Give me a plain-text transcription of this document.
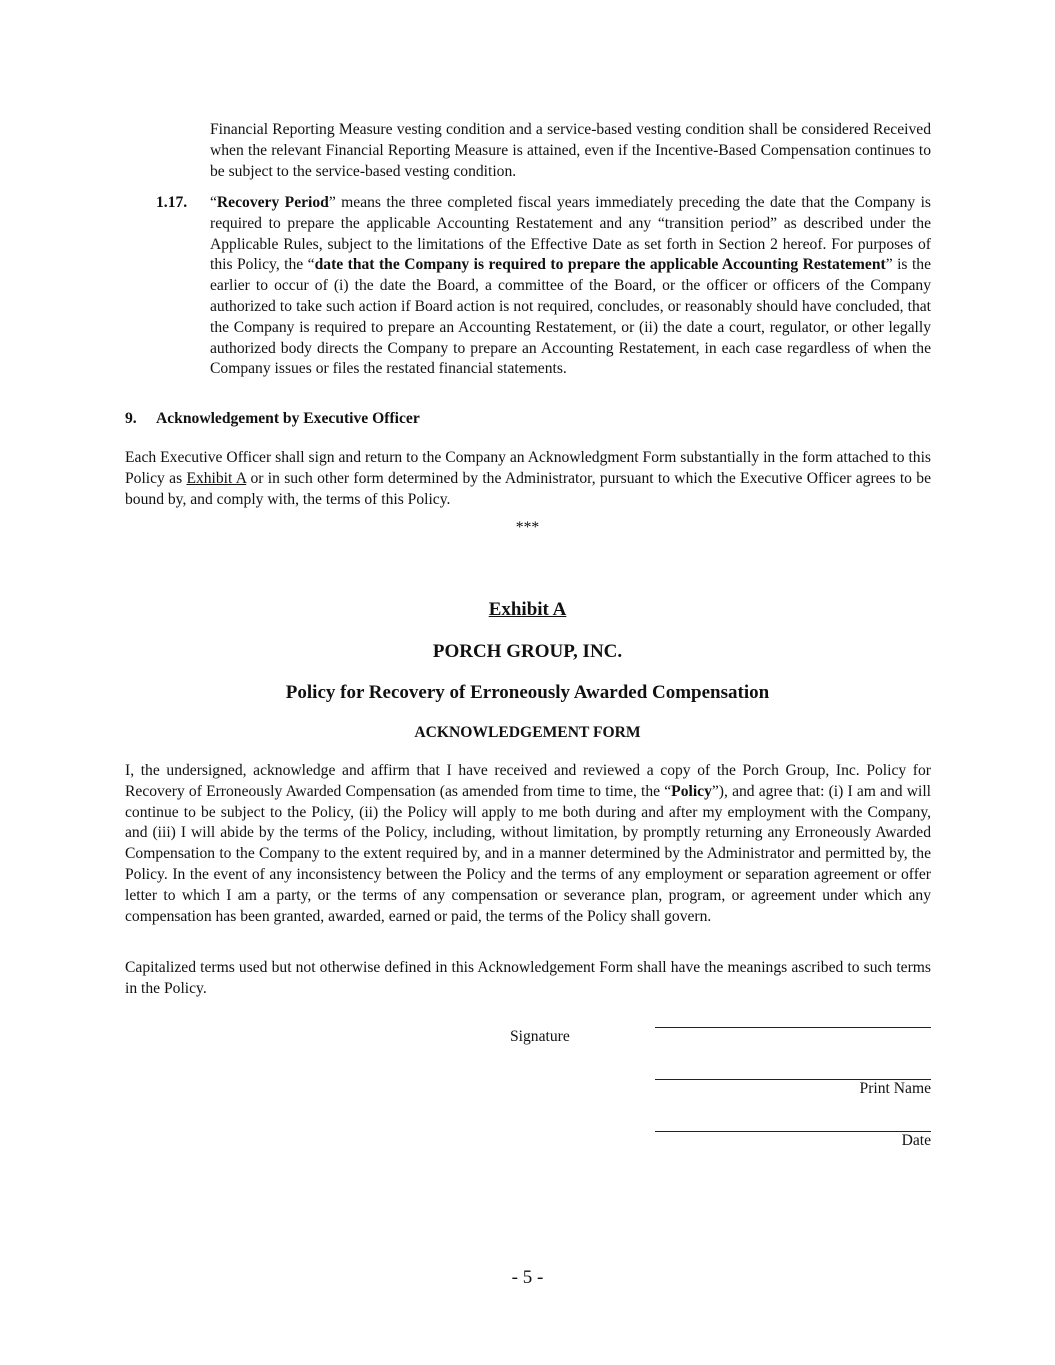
Financial Reporting Measure vesting condition and a service-based vesting condition shall be considered Received when the relevant Financial Reporting Measure is attained, even if the Incentive-Based Compensation continues to be subject to the service-based vesting condition.

1.17. “Recovery Period” means the three completed fiscal years immediately preceding the date that the Company is required to prepare the applicable Accounting Restatement and any “transition period” as described under the Applicable Rules, subject to the limitations of the Effective Date as set forth in Section 2 hereof. For purposes of this Policy, the “date that the Company is required to prepare the applicable Accounting Restatement” is the earlier to occur of (i) the date the Board, a committee of the Board, or the officer or officers of the Company authorized to take such action if Board action is not required, concludes, or reasonably should have concluded, that the Company is required to prepare an Accounting Restatement, or (ii) the date a court, regulator, or other legally authorized body directs the Company to prepare an Accounting Restatement, in each case regardless of when the Company issues or files the restated financial statements.

9. Acknowledgement by Executive Officer

Each Executive Officer shall sign and return to the Company an Acknowledgment Form substantially in the form attached to this Policy as Exhibit A or in such other form determined by the Administrator, pursuant to which the Executive Officer agrees to be bound by, and comply with, the terms of this Policy.

***

Exhibit A

PORCH GROUP, INC.

Policy for Recovery of Erroneously Awarded Compensation

ACKNOWLEDGEMENT FORM

I, the undersigned, acknowledge and affirm that I have received and reviewed a copy of the Porch Group, Inc. Policy for Recovery of Erroneously Awarded Compensation (as amended from time to time, the “Policy”), and agree that: (i) I am and will continue to be subject to the Policy, (ii) the Policy will apply to me both during and after my employment with the Company, and (iii) I will abide by the terms of the Policy, including, without limitation, by promptly returning any Erroneously Awarded Compensation to the Company to the extent required by, and in a manner determined by the Administrator and permitted by, the Policy. In the event of any inconsistency between the Policy and the terms of any employment or separation agreement or offer letter to which I am a party, or the terms of any compensation or severance plan, program, or agreement under which any compensation has been granted, awarded, earned or paid, the terms of the Policy shall govern.

Capitalized terms used but not otherwise defined in this Acknowledgement Form shall have the meanings ascribed to such terms in the Policy.

Signature
Print Name
Date
- 5 -
